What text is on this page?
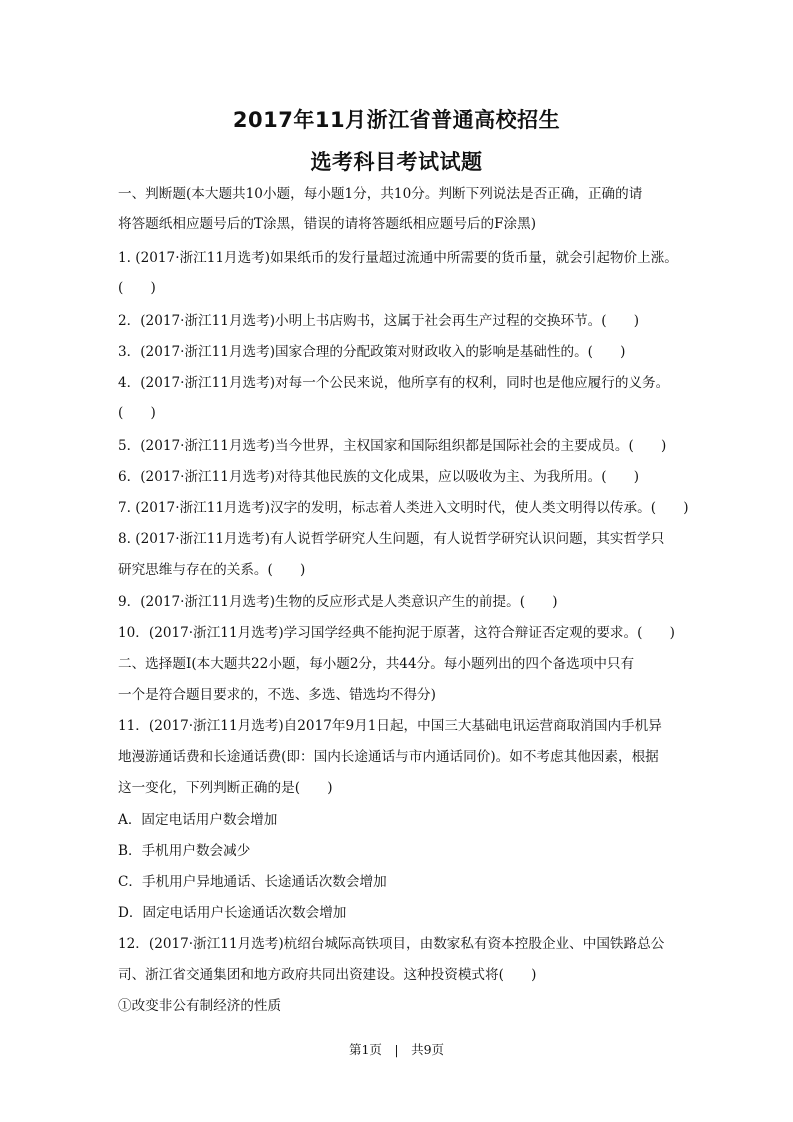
2017年11月浙江省普通高校招生
选考科目考试试题
一、判断题(本大题共10小题，每小题1分，共10分。判断下列说法是否正确，正确的请
将答题纸相应题号后的T涂黑，错误的请将答题纸相应题号后的F涂黑)
1. (2017·浙江11月选考)如果纸币的发行量超过流通中所需要的货币量，就会引起物价上涨。
(　　)
2．(2017·浙江11月选考)小明上书店购书，这属于社会再生产过程的交换环节。(　　)
3．(2017·浙江11月选考)国家合理的分配政策对财政收入的影响是基础性的。(　　)
4．(2017·浙江11月选考)对每一个公民来说，他所享有的权利，同时也是他应履行的义务。
(　　)
5．(2017·浙江11月选考)当今世界，主权国家和国际组织都是国际社会的主要成员。(　　)
6．(2017·浙江11月选考)对待其他民族的文化成果，应以吸收为主、为我所用。(　　)
7. (2017·浙江11月选考)汉字的发明，标志着人类进入文明时代，使人类文明得以传承。(　　)
8. (2017·浙江11月选考)有人说哲学研究人生问题，有人说哲学研究认识问题，其实哲学只
研究思维与存在的关系。(　　)
9．(2017·浙江11月选考)生物的反应形式是人类意识产生的前提。(　　)
10．(2017·浙江11月选考)学习国学经典不能拘泥于原著，这符合辩证否定观的要求。(　　)
二、选择题Ⅰ(本大题共22小题，每小题2分，共44分。每小题列出的四个备选项中只有
一个是符合题目要求的，不选、多选、错选均不得分)
11．(2017·浙江11月选考)自2017年9月1日起，中国三大基础电讯运营商取消国内手机异
地漫游通话费和长途通话费(即：国内长途通话与市内通话同价)。如不考虑其他因素，根据
这一变化，下列判断正确的是(　　)
A．固定电话用户数会增加
B．手机用户数会减少
C．手机用户异地通话、长途通话次数会增加
D．固定电话用户长途通话次数会增加
12．(2017·浙江11月选考)杭绍台城际高铁项目，由数家私有资本控股企业、中国铁路总公
司、浙江省交通集团和地方政府共同出资建设。这种投资模式将(　　)
①改变非公有制经济的性质
第1页　|　共9页
